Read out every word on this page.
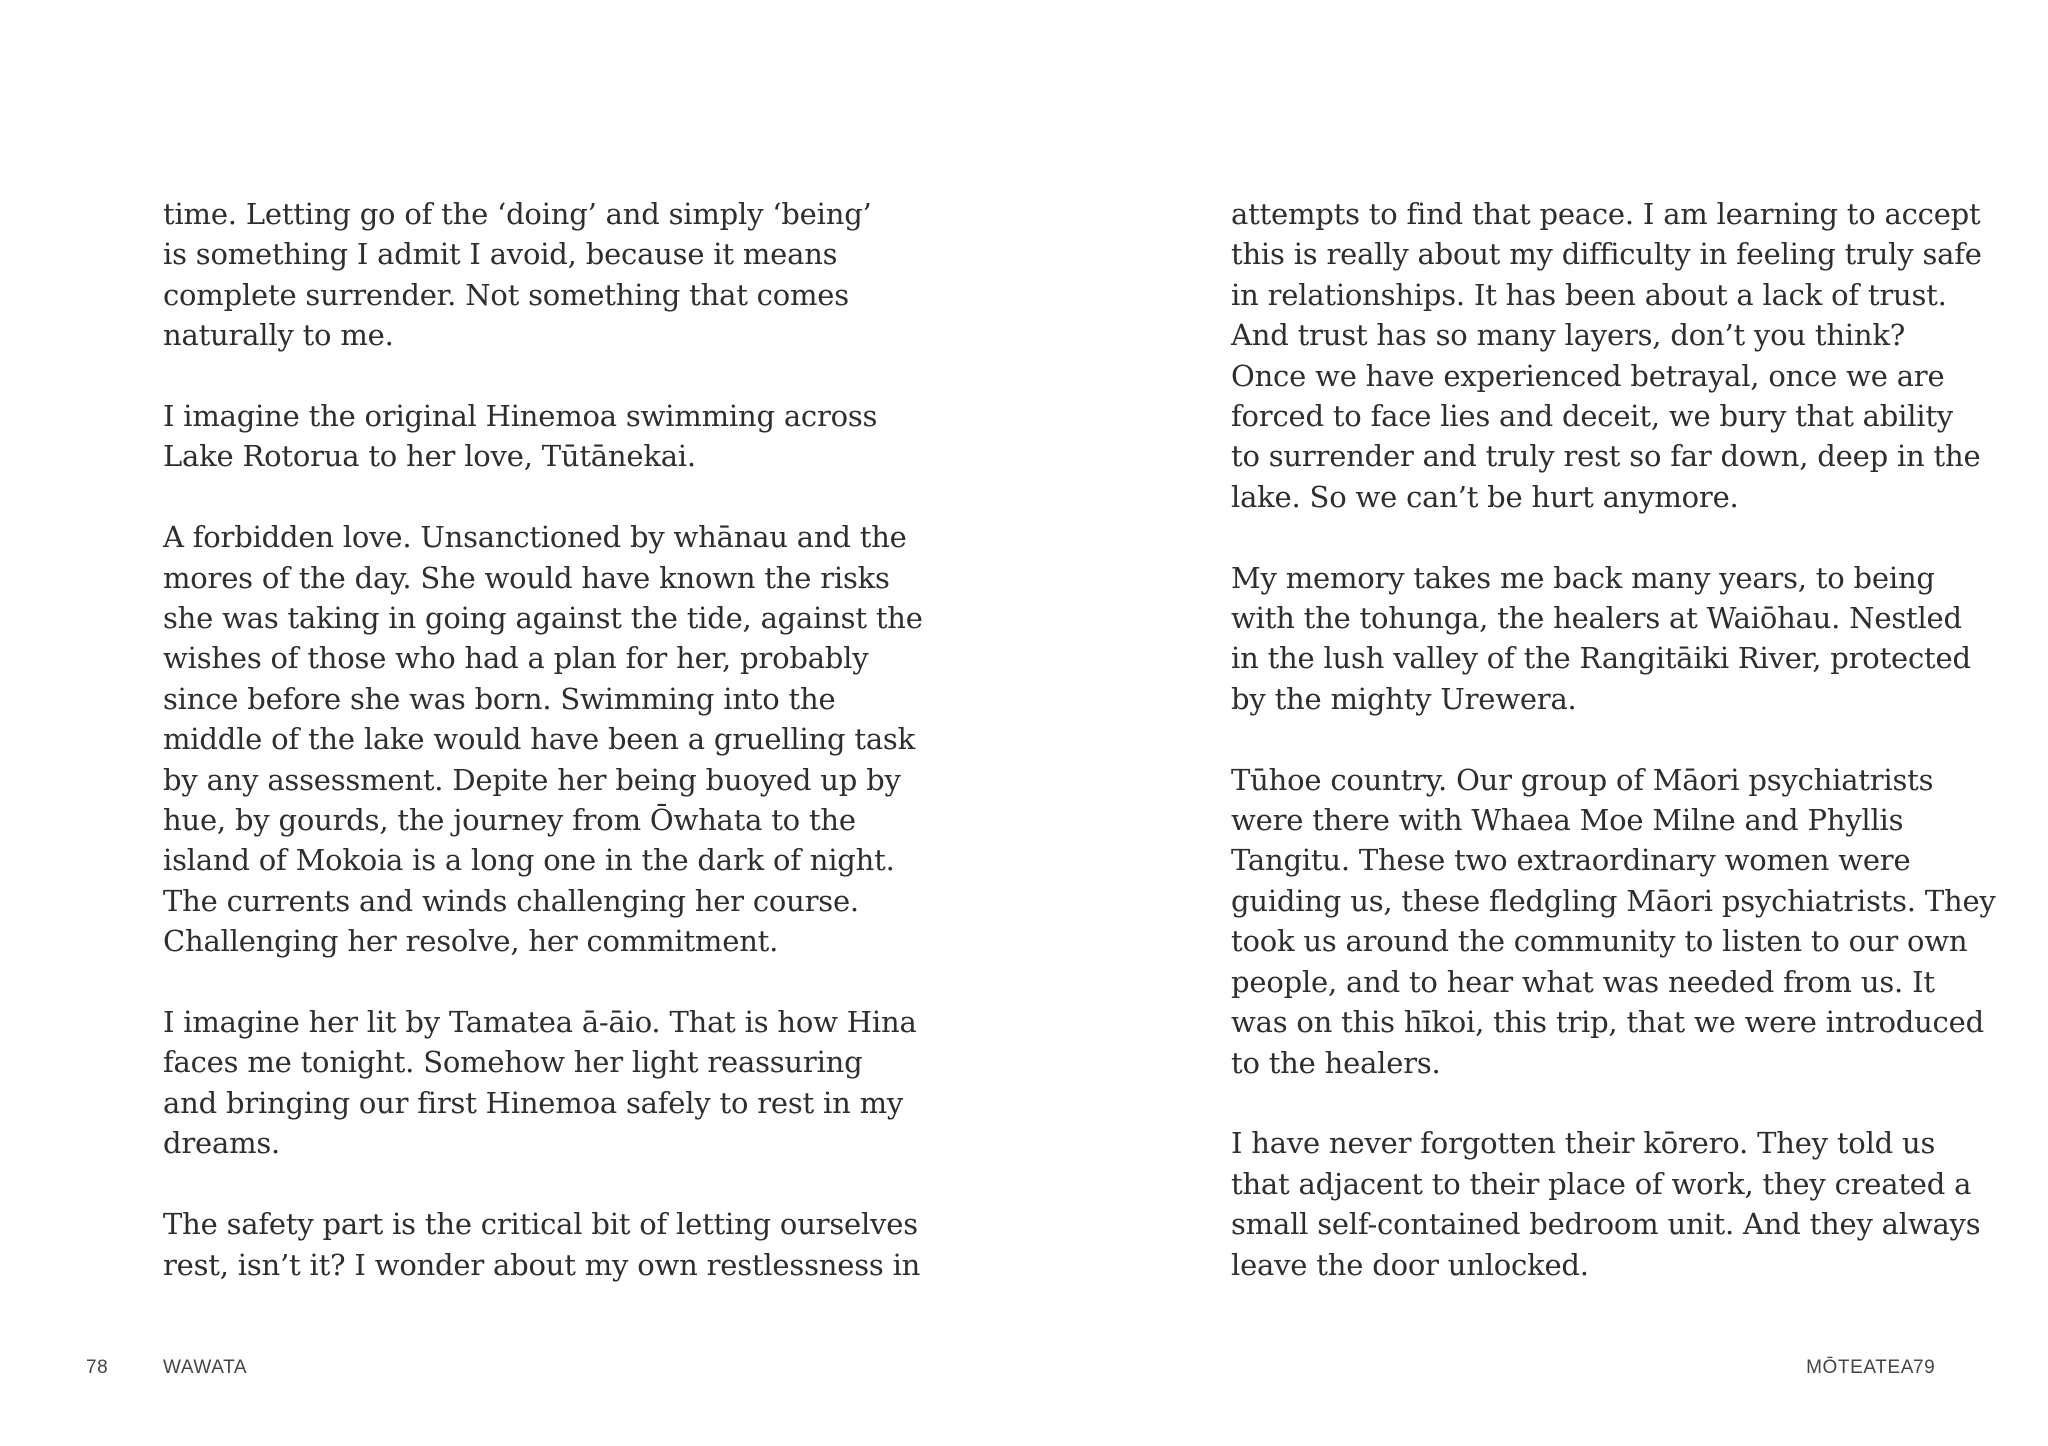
time. Letting go of the ‘doing’ and simply ‘being’
is something I admit I avoid, because it means
complete surrender. Not something that comes
naturally to me.

I imagine the original Hinemoa swimming across
Lake Rotorua to her love, Tūtānekai.

A forbidden love. Unsanctioned by whānau and the
mores of the day. She would have known the risks
she was taking in going against the tide, against the
wishes of those who had a plan for her, probably
since before she was born. Swimming into the
middle of the lake would have been a gruelling task
by any assessment. Depite her being buoyed up by
hue, by gourds, the journey from Ōwhata to the
island of Mokoia is a long one in the dark of night.
The currents and winds challenging her course.
Challenging her resolve, her commitment.

I imagine her lit by Tamatea ā-āio. That is how Hina
faces me tonight. Somehow her light reassuring
and bringing our first Hinemoa safely to rest in my
dreams.

The safety part is the critical bit of letting ourselves
rest, isn’t it? I wonder about my own restlessness in

78	WAWATA

attempts to find that peace. I am learning to accept
this is really about my difficulty in feeling truly safe
in relationships. It has been about a lack of trust.
And trust has so many layers, don’t you think?
Once we have experienced betrayal, once we are
forced to face lies and deceit, we bury that ability
to surrender and truly rest so far down, deep in the
lake. So we can’t be hurt anymore.

My memory takes me back many years, to being
with the tohunga, the healers at Waiōhau. Nestled
in the lush valley of the Rangitāiki River, protected
by the mighty Urewera.

Tūhoe country. Our group of Māori psychiatrists
were there with Whaea Moe Milne and Phyllis
Tangitu. These two extraordinary women were
guiding us, these fledgling Māori psychiatrists. They
took us around the community to listen to our own
people, and to hear what was needed from us. It
was on this hīkoi, this trip, that we were introduced
to the healers.

I have never forgotten their kōrero. They told us
that adjacent to their place of work, they created a
small self-contained bedroom unit. And they always
leave the door unlocked.

MŌTEATEA 79
